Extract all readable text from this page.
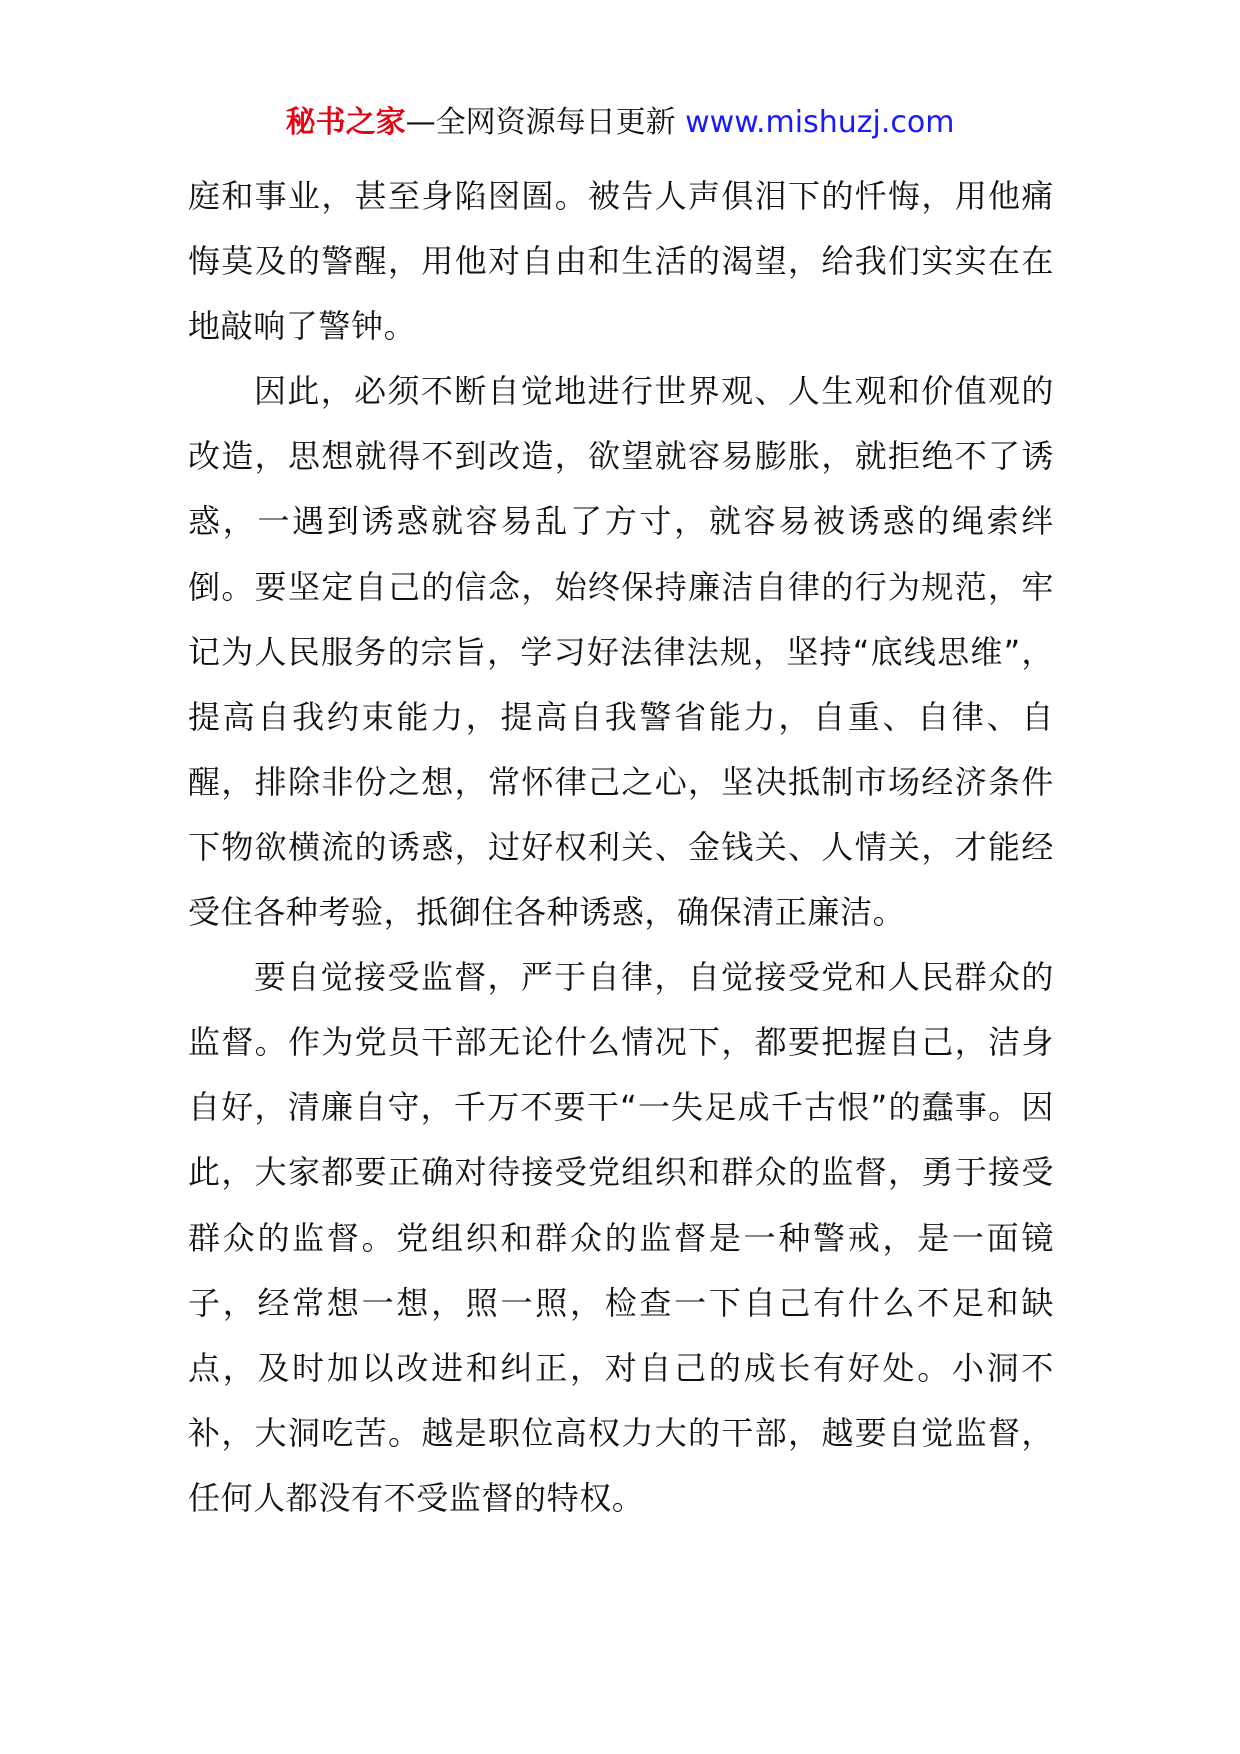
秘书之家—全网资源每日更新 www.mishuzj.com

庭和事业，甚至身陷囹圄。被告人声俱泪下的忏悔，用他痛悔莫及的警醒，用他对自由和生活的渴望，给我们实实在在地敲响了警钟。

因此，必须不断自觉地进行世界观、人生观和价值观的改造，思想就得不到改造，欲望就容易膨胀，就拒绝不了诱惑，一遇到诱惑就容易乱了方寸，就容易被诱惑的绳索绊倒。要坚定自己的信念，始终保持廉洁自律的行为规范，牢记为人民服务的宗旨，学习好法律法规，坚持“底线思维”，提高自我约束能力，提高自我警省能力，自重、自律、自醒，排除非份之想，常怀律己之心，坚决抵制市场经济条件下物欲横流的诱惑，过好权利关、金钱关、人情关，才能经受住各种考验，抵御住各种诱惑，确保清正廉洁。

要自觉接受监督，严于自律，自觉接受党和人民群众的监督。作为党员干部无论什么情况下，都要把握自己，洁身自好，清廉自守，千万不要干“一失足成千古恨”的蠢事。因此，大家都要正确对待接受党组织和群众的监督，勇于接受群众的监督。党组织和群众的监督是一种警戒，是一面镜子，经常想一想，照一照，检查一下自己有什么不足和缺点，及时加以改进和纠正，对自己的成长有好处。小洞不补，大洞吃苦。越是职位高权力大的干部，越要自觉监督，任何人都没有不受监督的特权。
